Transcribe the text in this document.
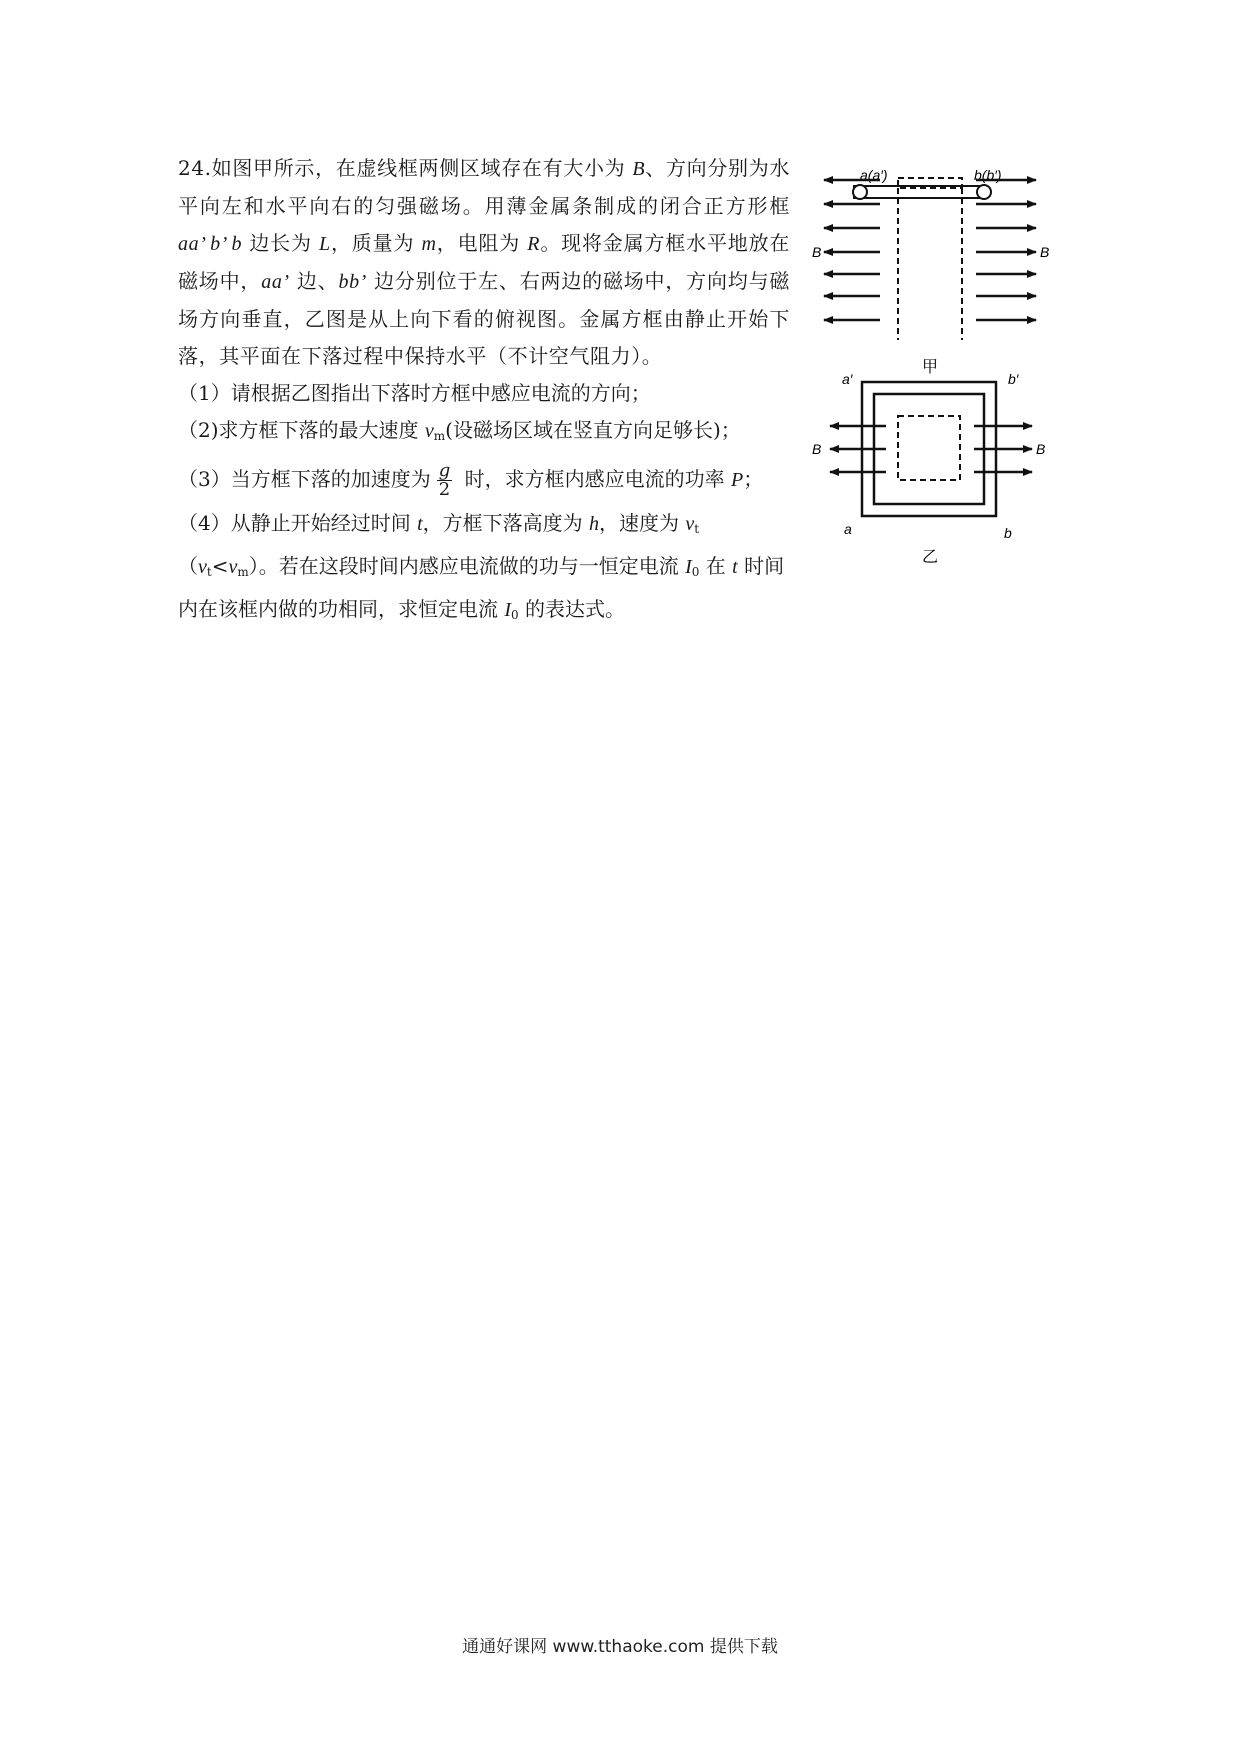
24.如图甲所示，在虚线框两侧区域存在有大小为 B、方向分别为水平向左和水平向右的匀强磁场。用薄金属条制成的闭合正方形框 aa’ b’ b 边长为 L，质量为 m，电阻为 R。现将金属方框水平地放在磁场中，aa’ 边、bb’ 边分别位于左、右两边的磁场中，方向均与磁场方向垂直，乙图是从上向下看的俯视图。金属方框由静止开始下落，其平面在下落过程中保持水平（不计空气阻力）。

（1）请根据乙图指出下落时方框中感应电流的方向；

（2)求方框下落的最大速度 $v_m$(设磁场区域在竖直方向足够长)；

（3）当方框下落的加速度为 $\frac{g}{2}$ 时，求方框内感应电流的功率 P；

（4）从静止开始经过时间 t，方框下落高度为 h，速度为 $v_t(v_t<v_m)$。若在这段时间内感应电流做的功与一恒定电流 $I_0$ 在 t 时间内在该框内做的功相同，求恒定电流 $I_0$ 的表达式。

a(a′)	b(b′)
B	B
甲
a′	b′
B	B
a	b
乙
通通好课网 www.tthaoke.com 提供下载
